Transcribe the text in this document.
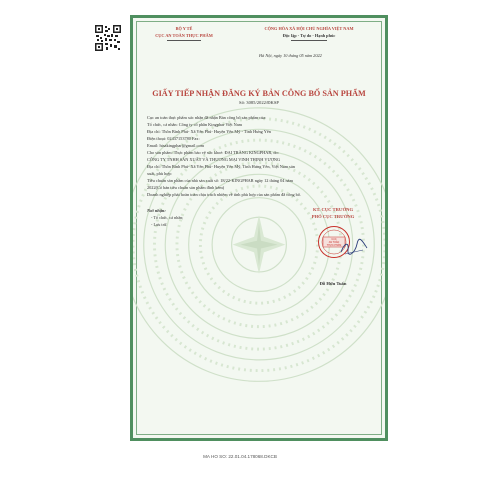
BỘ Y TẾ
CỤC AN TOÀN THỰC PHẨM
CỘNG HÒA XÃ HỘI CHỦ NGHĨA VIỆT NAM
Độc lập - Tự do - Hạnh phúc
Hà Nội, ngày 10 tháng 05 năm 2022
GIẤY TIẾP NHẬN ĐĂNG KÝ BẢN CÔNG BỐ SẢN PHẨM
Số: 3085/2022/ĐKSP
Cục an toàn thực phẩm xác nhận đã nhận Bản công bố sản phẩm của:
Tổ chức, cá nhân: Công ty cổ phần Kingphar Việt Nam
Địa chỉ: Thôn Bình Phú- Xã Yên Phú- Huyện Yên Mỹ - Tỉnh Hưng Yên
Điện thoại: 02437153780 Fax:
Email: htsakingphar@gmail.com
Cho sản phẩm: Thực phẩm bảo vệ sức khoẻ: ĐẠI TRÀNG KINGPHAR, do:
CÔNG TY TNHH SẢN XUẤT VÀ THƯƠNG MẠI VINH THỊNH VƯỢNG
Địa chỉ: Thôn Bình Phú- Xã Yên Phú- Huyện Yên Mỹ, Tỉnh Hưng Yên, Việt Nam sản
xuất, phù hợp:
Tiêu chuẩn sản phẩm của nhà sản xuất số: 18/22-KINGPHAR ngày 12 tháng 04 năm
2022(Có bản tiêu chuẩn sản phẩm đính kèm)
Doanh nghiệp phải hoàn toàn chịu trách nhiệm về tính phù hợp của sản phẩm đã công bố.
Nơi nhận:
- Tổ chức, cá nhân;
- Lưu trữ.
KT. CỤC TRƯỞNG
PHÓ CỤC TRƯỞNG
CỤC
AN TOÀN
THỰC PHẨM
Đỗ Hữu Tuấn
MA HO SO: 22.01.04.178068.DKCB
